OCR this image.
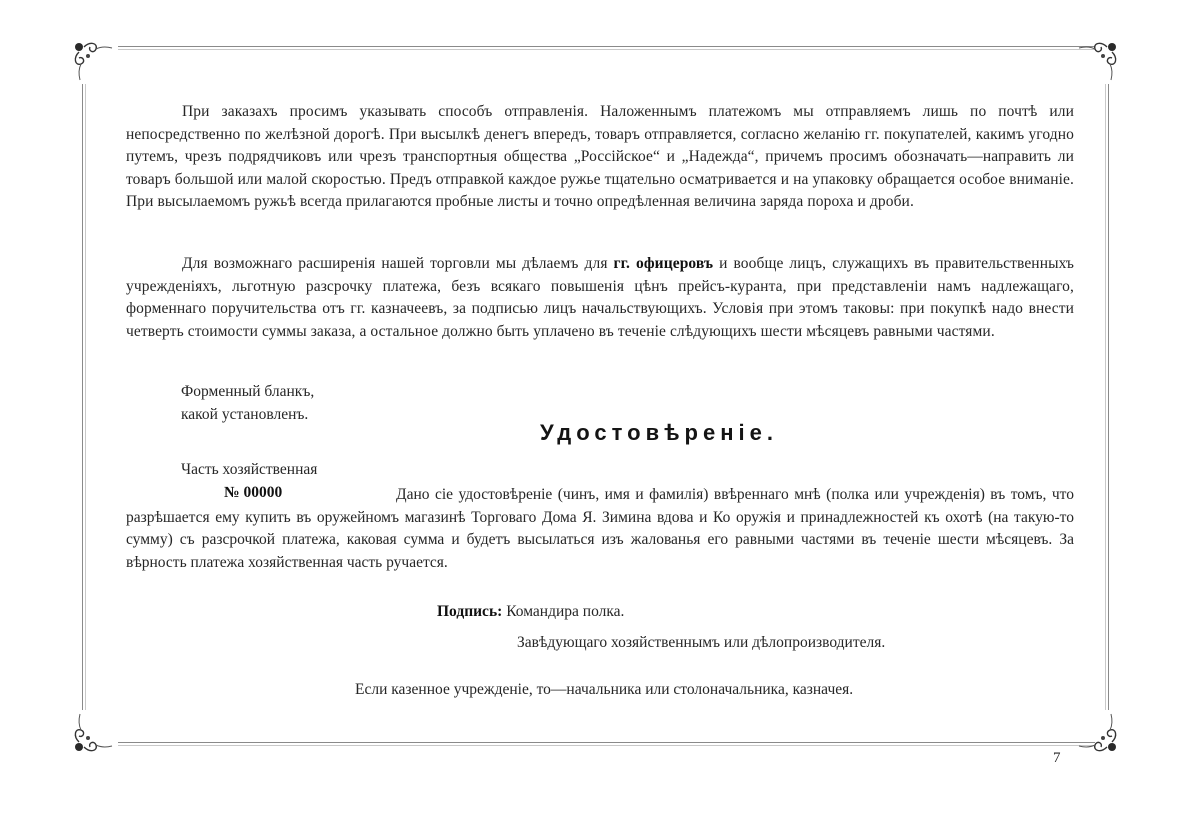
При заказахъ просимъ указывать способъ отправленія. Наложеннымъ платежомъ мы отправляемъ лишь по почтѣ или непосредственно по желѣзной дорогѣ. При высылкѣ денегъ впередъ, товаръ отправляется, согласно желанію гг. покупателей, какимъ угодно путемъ, чрезъ подрядчиковъ или чрезъ транспортныя общества „Россійское“ и „Надежда“, причемъ просимъ обозначать—направить ли товаръ большой или малой скоростью. Предъ отправкой каждое ружье тщательно осматривается и на упаковку обращается особое вниманіе. При высылаемомъ ружьѣ всегда прилагаются пробные листы и точно опредѣленная величина заряда пороха и дроби.
Для возможнаго расширенія нашей торговли мы дѣлаемъ для гг. офицеровъ и вообще лицъ, служащихъ въ правительственныхъ учрежденіяхъ, льготную разсрочку платежа, безъ всякаго повышенія цѣнъ прейсъ-куранта, при представленіи намъ надлежащаго, форменнаго поручительства отъ гг. казначеевъ, за подписью лицъ начальствующихъ. Условія при этомъ таковы: при покупкѣ надо внести четверть стоимости суммы заказа, а остальное должно быть уплачено въ теченіе слѣдующихъ шести мѣсяцевъ равными частями.
Форменный бланкъ,
какой установленъ.
Удостовѣреніе.
Часть хозяйственная
№ 00000	Дано сіе удостовѣреніе (чинъ, имя и фамилія) ввѣреннаго мнѣ (полка или учрежденія) въ томъ, что разрѣшается ему купить въ оружейномъ магазинѣ Торговаго Дома Я. Зимина вдова и Ко оружія и принадлежностей къ охотѣ (на такую-то сумму) съ разсрочкой платежа, каковая сумма и будетъ высылаться изъ жалованья его равными частями въ теченіе шести мѣсяцевъ. За вѣрность платежа хозяйственная часть ручается.
Подпись: Командира полка.
Завѣдующаго хозяйственнымъ или дѣлопроизводителя.
Если казенное учрежденіе, то—начальника или столоначальника, казначея.
7
